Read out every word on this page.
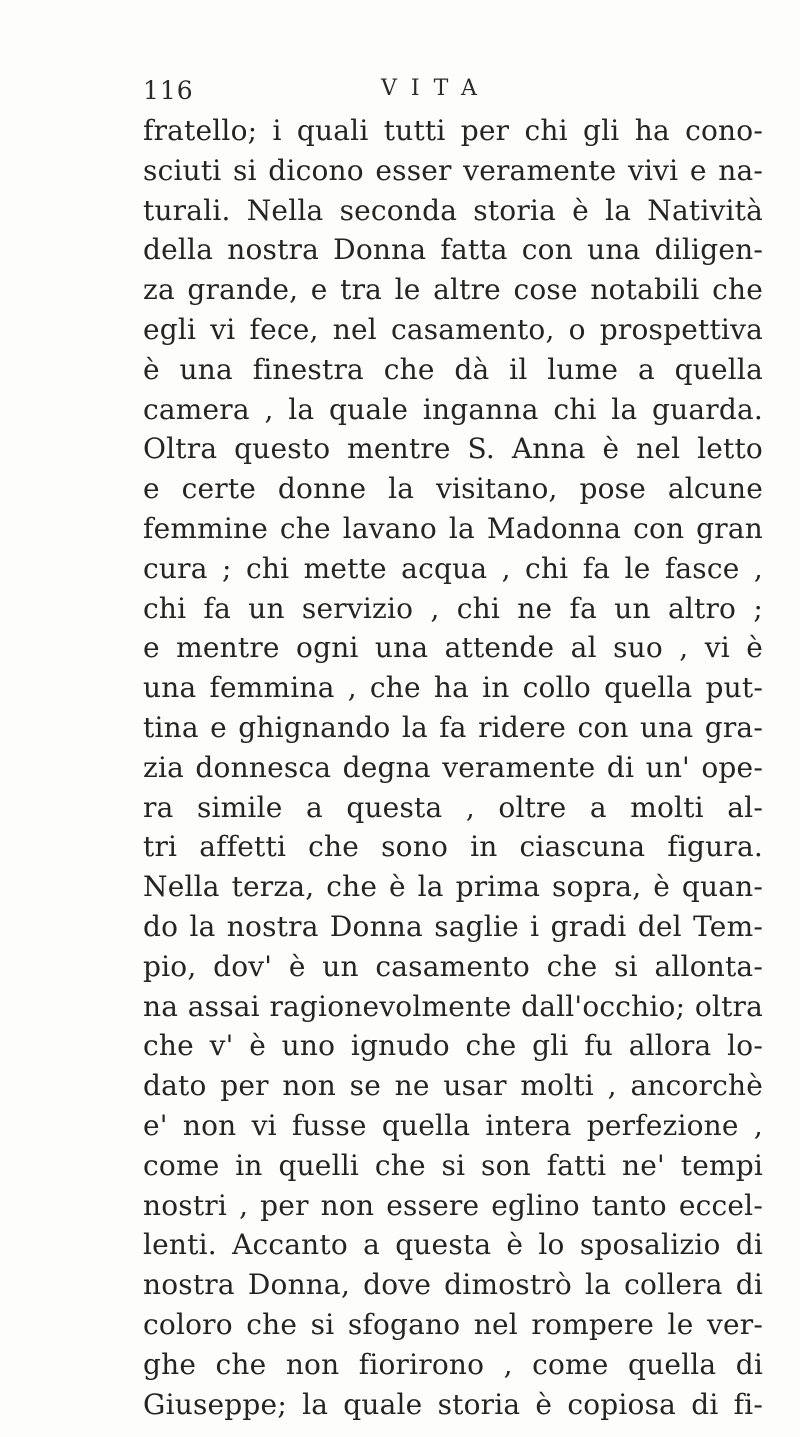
116	VITA
fratello; i quali tutti per chi gli ha cono-
sciuti si dicono esser veramente vivi e na-
turali. Nella seconda storia è la Natività
della nostra Donna fatta con una diligen-
za grande, e tra le altre cose notabili che
egli vi fece, nel casamento, o prospettiva
è una finestra che dà il lume a quella
camera , la quale inganna chi la guarda.
Oltra questo mentre S. Anna è nel letto
e certe donne la visitano, pose alcune
femmine che lavano la Madonna con gran
cura ; chi mette acqua , chi fa le fasce ,
chi fa un servizio , chi ne fa un altro ;
e mentre ogni una attende al suo , vi è
una femmina , che ha in collo quella put-
tina e ghignando la fa ridere con una gra-
zia donnesca degna veramente di un' ope-
ra simile a questa , oltre a molti al-
tri affetti che sono in ciascuna figura.
Nella terza, che è la prima sopra, è quan-
do la nostra Donna saglie i gradi del Tem-
pio, dov' è un casamento che si allonta-
na assai ragionevolmente dall'occhio; oltra
che v' è uno ignudo che gli fu allora lo-
dato per non se ne usar molti , ancorchè
e' non vi fusse quella intera perfezione ,
come in quelli che si son fatti ne' tempi
nostri , per non essere eglino tanto eccel-
lenti. Accanto a questa è lo sposalizio di
nostra Donna, dove dimostrò la collera di
coloro che si sfogano nel rompere le ver-
ghe che non fiorirono , come quella di
Giuseppe; la quale storia è copiosa di fi-
